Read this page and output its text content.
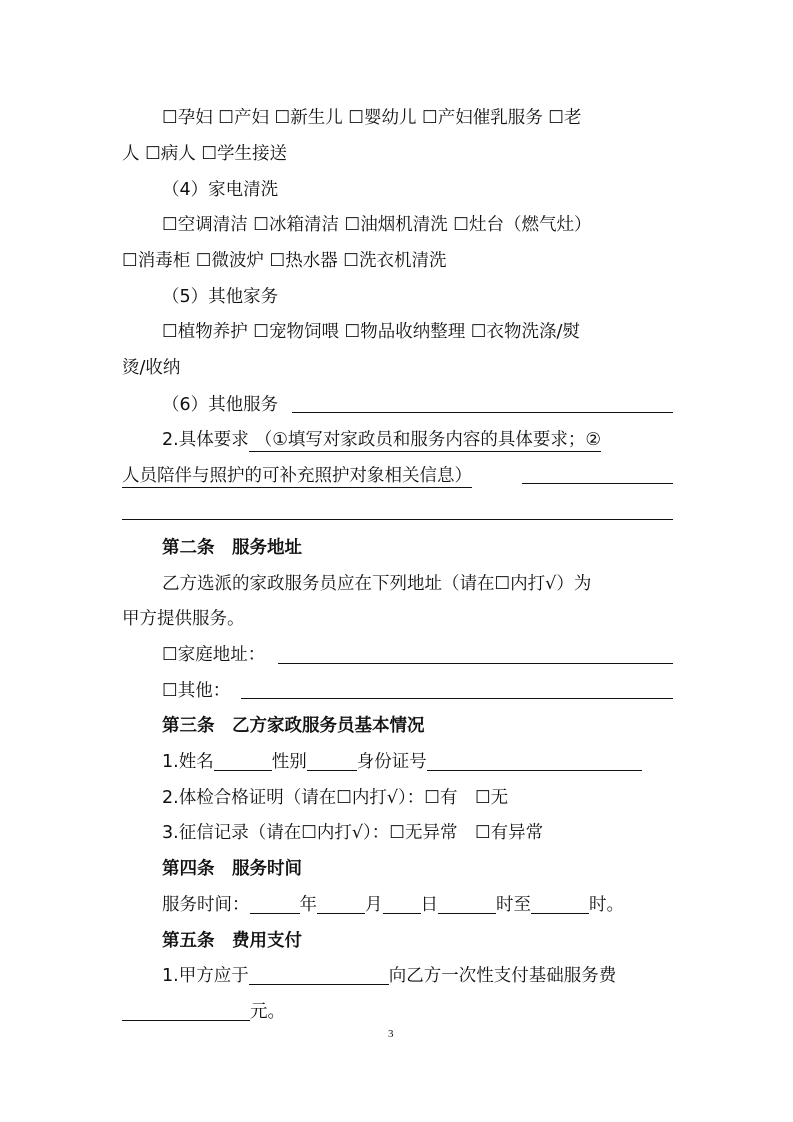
☐孕妇 ☐产妇 ☐新生儿 ☐婴幼儿 ☐产妇催乳服务 ☐老
人 ☐病人 ☐学生接送
（4）家电清洗
☐空调清洁 ☐冰箱清洁 ☐油烟机清洗 ☐灶台（燃气灶）
☐消毒柜 ☐微波炉 ☐热水器 ☐洗衣机清洗
（5）其他家务
☐植物养护 ☐宠物饲喂 ☐物品收纳整理 ☐衣物洗涤/熨
烫/收纳
（6）其他服务
2.具体要求 （①填写对家政员和服务内容的具体要求；②
人员陪伴与照护的可补充照护对象相关信息）
第二条　服务地址
乙方选派的家政服务员应在下列地址（请在☐内打√）为
甲方提供服务。
☐家庭地址：
☐其他：
第三条　乙方家政服务员基本情况
1.姓名	性别	身份证号
2.体检合格证明（请在☐内打√）：☐有　☐无
3.征信记录（请在☐内打√）：☐无异常　☐有异常
第四条　服务时间
服务时间：	年	月 日	时至	时。
第五条　费用支付
1.甲方应于	向乙方一次性支付基础服务费
元。
3
